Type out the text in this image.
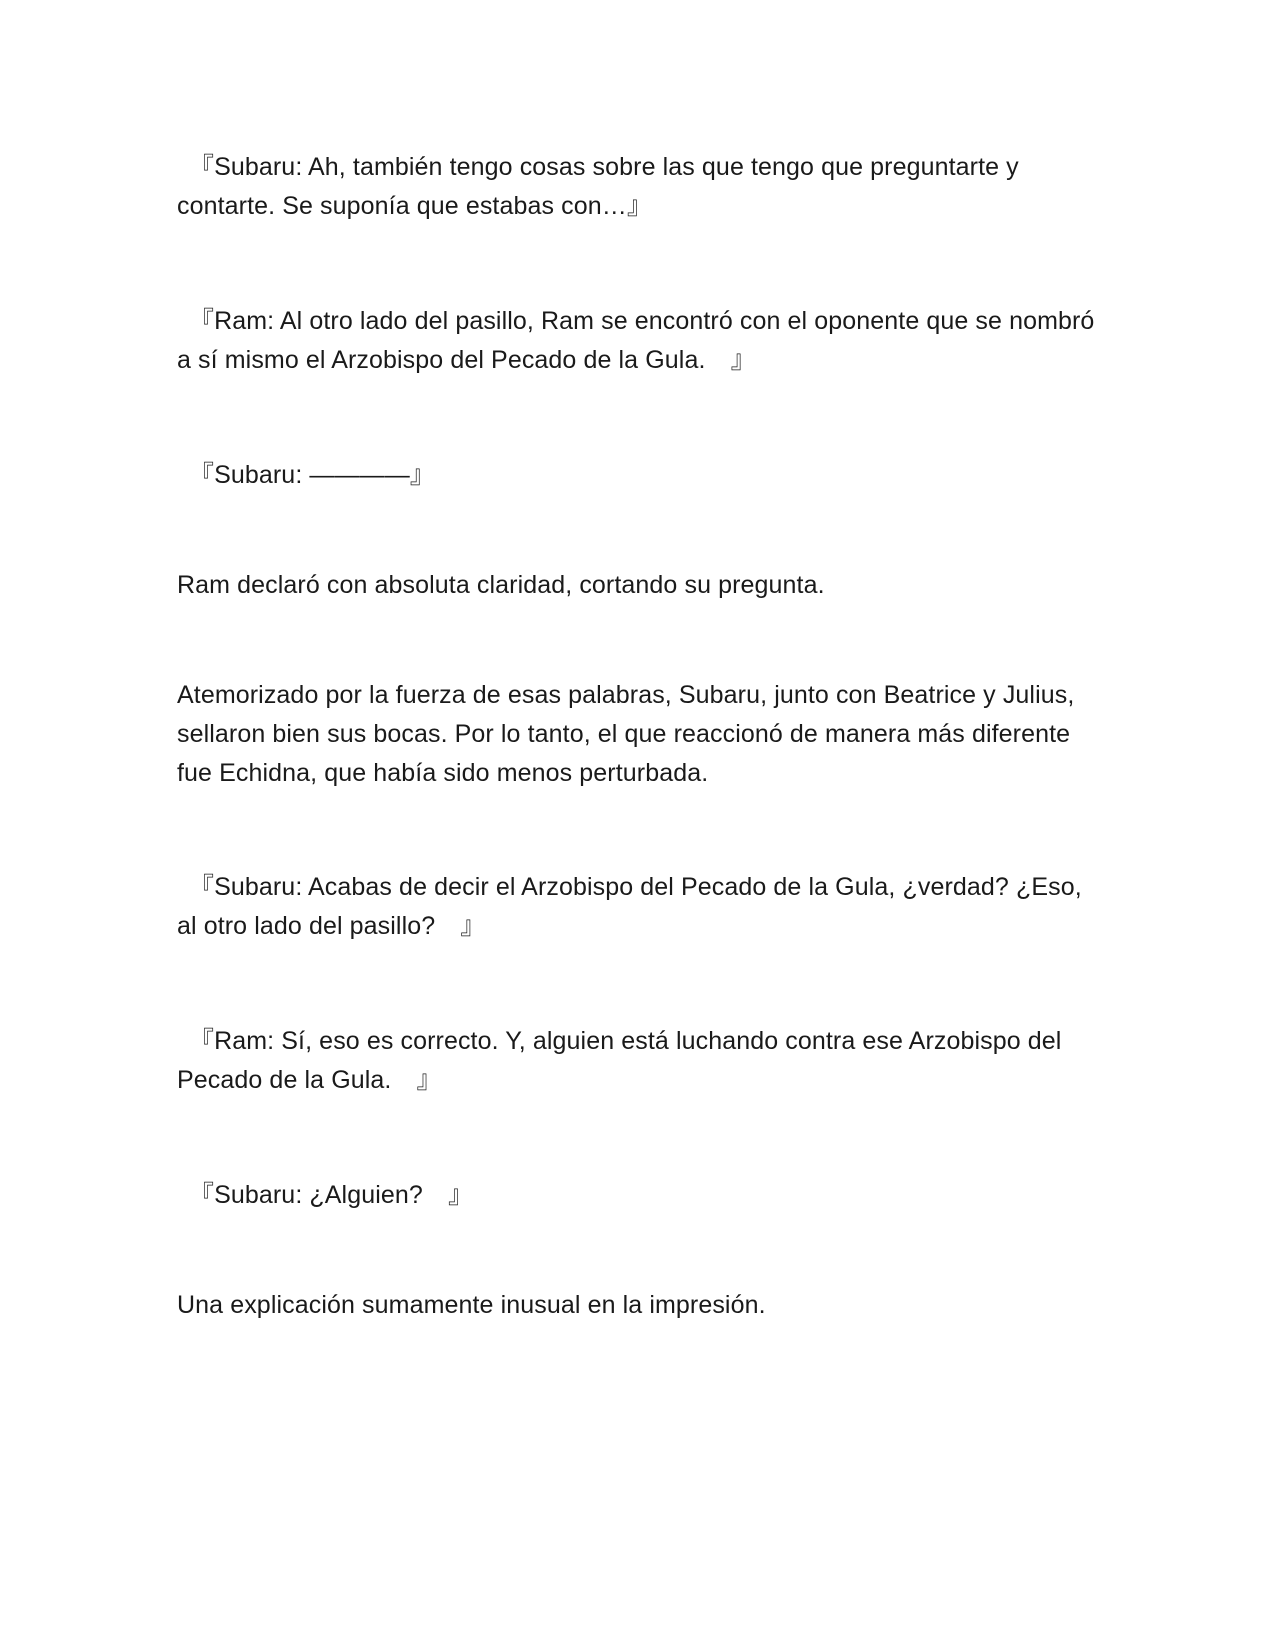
『Subaru: Ah, también tengo cosas sobre las que tengo que preguntarte y contarte. Se suponía que estabas con…』

『Ram: Al otro lado del pasillo, Ram se encontró con el oponente que se nombró a sí mismo el Arzobispo del Pecado de la Gula.　』

『Subaru: ————』

Ram declaró con absoluta claridad, cortando su pregunta.

Atemorizado por la fuerza de esas palabras, Subaru, junto con Beatrice y Julius, sellaron bien sus bocas. Por lo tanto, el que reaccionó de manera más diferente fue Echidna, que había sido menos perturbada.

『Subaru: Acabas de decir el Arzobispo del Pecado de la Gula, ¿verdad? ¿Eso, al otro lado del pasillo?　』

『Ram: Sí, eso es correcto. Y, alguien está luchando contra ese Arzobispo del Pecado de la Gula.　』

『Subaru: ¿Alguien?　』

Una explicación sumamente inusual en la impresión.
